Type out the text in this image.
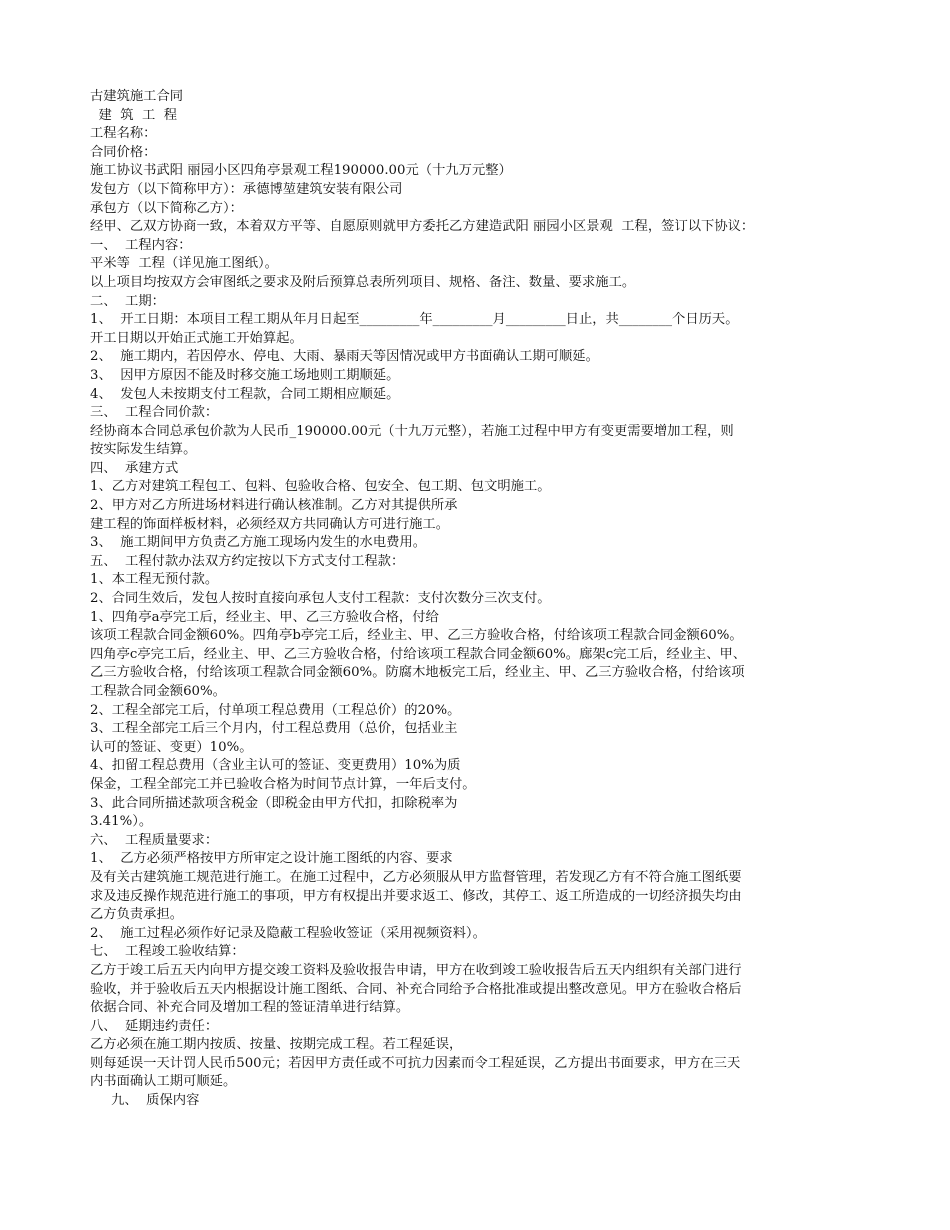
古建筑施工合同
建  筑  工  程
工程名称：
合同价格：
施工协议书武阳 丽园小区四角亭景观工程190000.00元（十九万元整）
发包方（以下简称甲方）：承德博堃建筑安装有限公司
承包方（以下简称乙方）：
经甲、乙双方协商一致，本着双方平等、自愿原则就甲方委托乙方建造武阳 丽园小区景观  工程，签订以下协议：
一、  工程内容：
平米等  工程（详见施工图纸）。
以上项目均按双方会审图纸之要求及附后预算总表所列项目、规格、备注、数量、要求施工。
二、  工期：
1、  开工日期：本项目工程工期从年月日起至_________年_________月_________日止，共________个日历天。
开工日期以开始正式施工开始算起。
2、  施工期内，若因停水、停电、大雨、暴雨天等因情况或甲方书面确认工期可顺延。
3、  因甲方原因不能及时移交施工场地则工期顺延。
4、  发包人未按期支付工程款，合同工期相应顺延。
三、  工程合同价款：
经协商本合同总承包价款为人民币_190000.00元（十九万元整），若施工过程中甲方有变更需要增加工程，则
按实际发生结算。
四、  承建方式
1、乙方对建筑工程包工、包料、包验收合格、包安全、包工期、包文明施工。
2、甲方对乙方所进场材料进行确认核准制。乙方对其提供所承
建工程的饰面样板材料，必须经双方共同确认方可进行施工。
3、  施工期间甲方负责乙方施工现场内发生的水电费用。
五、  工程付款办法双方约定按以下方式支付工程款：
1、本工程无预付款。
2、合同生效后，发包人按时直接向承包人支付工程款：支付次数分三次支付。
1、四角亭a亭完工后，经业主、甲、乙三方验收合格，付给
该项工程款合同金额60%。四角亭b亭完工后，经业主、甲、乙三方验收合格，付给该项工程款合同金额60%。
四角亭c亭完工后，经业主、甲、乙三方验收合格，付给该项工程款合同金额60%。廊架c完工后，经业主、甲、
乙三方验收合格，付给该项工程款合同金额60%。防腐木地板完工后，经业主、甲、乙三方验收合格，付给该项
工程款合同金额60%。
2、工程全部完工后，付单项工程总费用（工程总价）的20%。
3、工程全部完工后三个月内，付工程总费用（总价，包括业主
认可的签证、变更）10%。
4、扣留工程总费用（含业主认可的签证、变更费用）10%为质
保金，工程全部完工并已验收合格为时间节点计算，一年后支付。
3、此合同所描述款项含税金（即税金由甲方代扣，扣除税率为
3.41%）。
六、  工程质量要求：
1、  乙方必须严格按甲方所审定之设计施工图纸的内容、要求
及有关古建筑施工规范进行施工。在施工过程中，乙方必须服从甲方监督管理，若发现乙方有不符合施工图纸要
求及违反操作规范进行施工的事项，甲方有权提出并要求返工、修改，其停工、返工所造成的一切经济损失均由
乙方负责承担。
2、  施工过程必须作好记录及隐蔽工程验收签证（采用视频资料）。
七、  工程竣工验收结算：
乙方于竣工后五天内向甲方提交竣工资料及验收报告申请，甲方在收到竣工验收报告后五天内组织有关部门进行
验收，并于验收后五天内根据设计施工图纸、合同、补充合同给予合格批准或提出整改意见。甲方在验收合格后
依据合同、补充合同及增加工程的签证清单进行结算。
八、  延期违约责任：
乙方必须在施工期内按质、按量、按期完成工程。若工程延误，
则每延误一天计罚人民币500元；若因甲方责任或不可抗力因素而令工程延误，乙方提出书面要求，甲方在三天
内书面确认工期可顺延。
九、  质保内容
